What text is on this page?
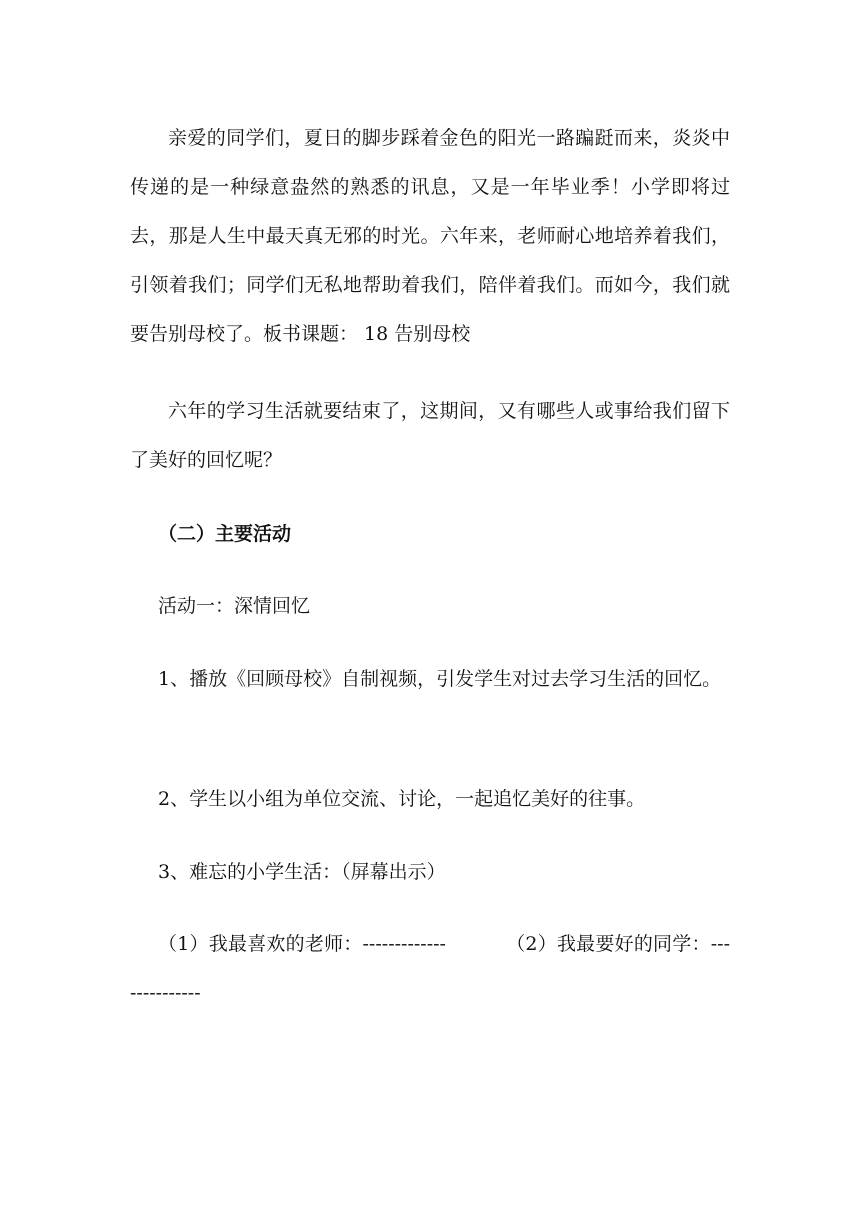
亲爱的同学们，夏日的脚步踩着金色的阳光一路蹁跹而来，炎炎中传递的是一种绿意盎然的熟悉的讯息，又是一年毕业季！小学即将过去，那是人生中最天真无邪的时光。六年来，老师耐心地培养着我们，引领着我们；同学们无私地帮助着我们，陪伴着我们。而如今，我们就要告别母校了。板书课题： 18 告别母校

六年的学习生活就要结束了，这期间，又有哪些人或事给我们留下了美好的回忆呢？

（二）主要活动

活动一：深情回忆

1、播放《回顾母校》自制视频，引发学生对过去学习生活的回忆。

2、学生以小组为单位交流、讨论，一起追忆美好的往事。

3、难忘的小学生活：（屏幕出示）

（1）我最喜欢的老师：-------------	（2）我最要好的同学：--------------
